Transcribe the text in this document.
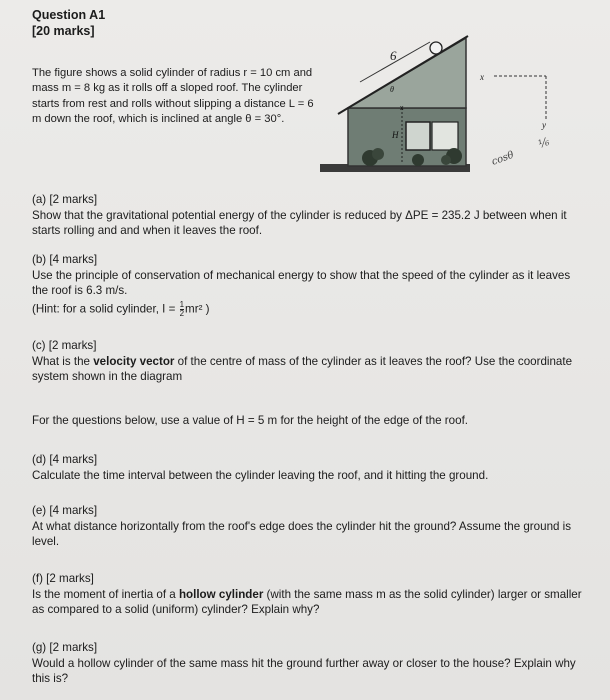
Question A1
[20 marks]
The figure shows a solid cylinder of radius r = 10 cm and mass m = 8 kg as it rolls off a sloped roof. The cylinder starts from rest and rolls without slipping a distance L = 6 m down the roof, which is inclined at angle θ = 30°.
6
θ
H
x
x
y
cosθ
⅙
(a) [2 marks]
Show that the gravitational potential energy of the cylinder is reduced by ΔPE = 235.2 J between when it starts rolling and and when it leaves the roof.
(b) [4 marks]
Use the principle of conservation of mechanical energy to show that the speed of the cylinder as it leaves the roof is 6.3 m/s.
(Hint: for a solid cylinder, $I = \frac{1}{2} mr^2$ )
(c) [2 marks]
What is the velocity vector of the centre of mass of the cylinder as it leaves the roof? Use the coordinate system shown in the diagram
For the questions below, use a value of H = 5 m for the height of the edge of the roof.
(d) [4 marks]
Calculate the time interval between the cylinder leaving the roof, and it hitting the ground.
(e) [4 marks]
At what distance horizontally from the roof's edge does the cylinder hit the ground? Assume the ground is level.
(f) [2 marks]
Is the moment of inertia of a hollow cylinder (with the same mass m as the solid cylinder) larger or smaller as compared to a solid (uniform) cylinder? Explain why?
(g) [2 marks]
Would a hollow cylinder of the same mass hit the ground further away or closer to the house? Explain why this is?
